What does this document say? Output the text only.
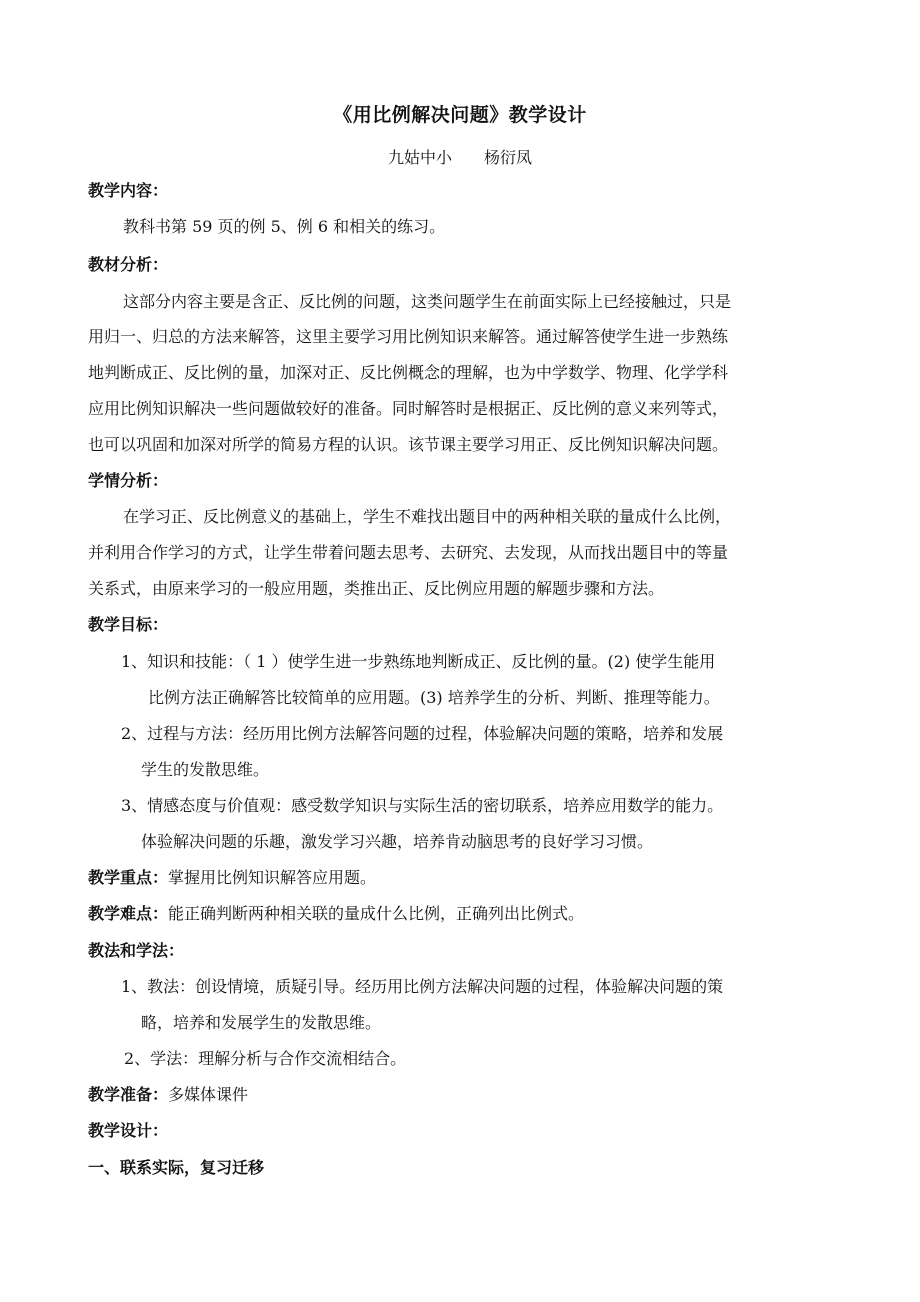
《用比例解决问题》教学设计
九姑中小　　杨衍凤
教学内容：
教科书第 59 页的例 5、例 6 和相关的练习。
教材分析：
这部分内容主要是含正、反比例的问题，这类问题学生在前面实际上已经接触过，只是
用归一、归总的方法来解答，这里主要学习用比例知识来解答。通过解答使学生进一步熟练
地判断成正、反比例的量，加深对正、反比例概念的理解，也为中学数学、物理、化学学科
应用比例知识解决一些问题做较好的准备。同时解答时是根据正、反比例的意义来列等式，
也可以巩固和加深对所学的简易方程的认识。该节课主要学习用正、反比例知识解决问题。
学情分析：
在学习正、反比例意义的基础上，学生不难找出题目中的两种相关联的量成什么比例，
并利用合作学习的方式，让学生带着问题去思考、去研究、去发现，从而找出题目中的等量
关系式，由原来学习的一般应用题，类推出正、反比例应用题的解题步骤和方法。
教学目标：
1、知识和技能：（ 1 ）使学生进一步熟练地判断成正、反比例的量。(2) 使学生能用
比例方法正确解答比较简单的应用题。(3) 培养学生的分析、判断、推理等能力。
2、过程与方法：经历用比例方法解答问题的过程，体验解决问题的策略，培养和发展
学生的发散思维。
3、情感态度与价值观：感受数学知识与实际生活的密切联系，培养应用数学的能力。
体验解决问题的乐趣，激发学习兴趣，培养肯动脑思考的良好学习习惯。
教学重点：掌握用比例知识解答应用题。
教学难点：能正确判断两种相关联的量成什么比例，正确列出比例式。
教法和学法：
1、教法：创设情境，质疑引导。经历用比例方法解决问题的过程，体验解决问题的策
略，培养和发展学生的发散思维。
2、学法：理解分析与合作交流相结合。
教学准备：多媒体课件
教学设计：
一、联系实际，复习迁移
